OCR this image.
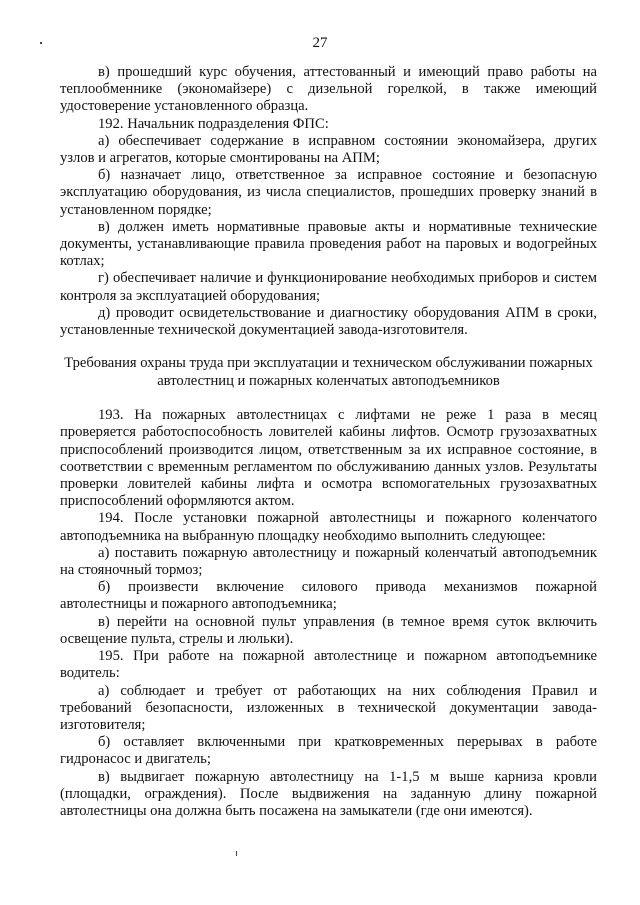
27

в) прошедший курс обучения, аттестованный и имеющий право работы на теплообменнике (экономайзере) с дизельной горелкой, в также имеющий удостоверение установленного образца.

192. Начальник подразделения ФПС:

а) обеспечивает содержание в исправном состоянии экономайзера, других узлов и агрегатов, которые смонтированы на АПМ;

б) назначает лицо, ответственное за исправное состояние и безопасную эксплуатацию оборудования, из числа специалистов, прошедших проверку знаний в установленном порядке;

в) должен иметь нормативные правовые акты и нормативные технические документы, устанавливающие правила проведения работ на паровых и водогрейных котлах;

г) обеспечивает наличие и функционирование необходимых приборов и систем контроля за эксплуатацией оборудования;

д) проводит освидетельствование и диагностику оборудования АПМ в сроки, установленные технической документацией завода-изготовителя.

Требования охраны труда при эксплуатации и техническом обслуживании пожарных автолестниц и пожарных коленчатых автоподъемников

193. На пожарных автолестницах с лифтами не реже 1 раза в месяц проверяется работоспособность ловителей кабины лифтов. Осмотр грузозахватных приспособлений производится лицом, ответственным за их исправное состояние, в соответствии с временным регламентом по обслуживанию данных узлов. Результаты проверки ловителей кабины лифта и осмотра вспомогательных грузозахватных приспособлений оформляются актом.

194. После установки пожарной автолестницы и пожарного коленчатого автоподъемника на выбранную площадку необходимо выполнить следующее:

а) поставить пожарную автолестницу и пожарный коленчатый автоподъемник на стояночный тормоз;

б) произвести включение силового привода механизмов пожарной автолестницы и пожарного автоподъемника;

в) перейти на основной пульт управления (в темное время суток включить освещение пульта, стрелы и люльки).

195. При работе на пожарной автолестнице и пожарном автоподъемнике водитель:

а) соблюдает и требует от работающих на них соблюдения Правил и требований безопасности, изложенных в технической документации завода-изготовителя;

б) оставляет включенными при кратковременных перерывах в работе гидронасос и двигатель;

в) выдвигает пожарную автолестницу на 1-1,5 м выше карниза кровли (площадки, ограждения). После выдвижения на заданную длину пожарной автолестницы она должна быть посажена на замыкатели (где они имеются).
